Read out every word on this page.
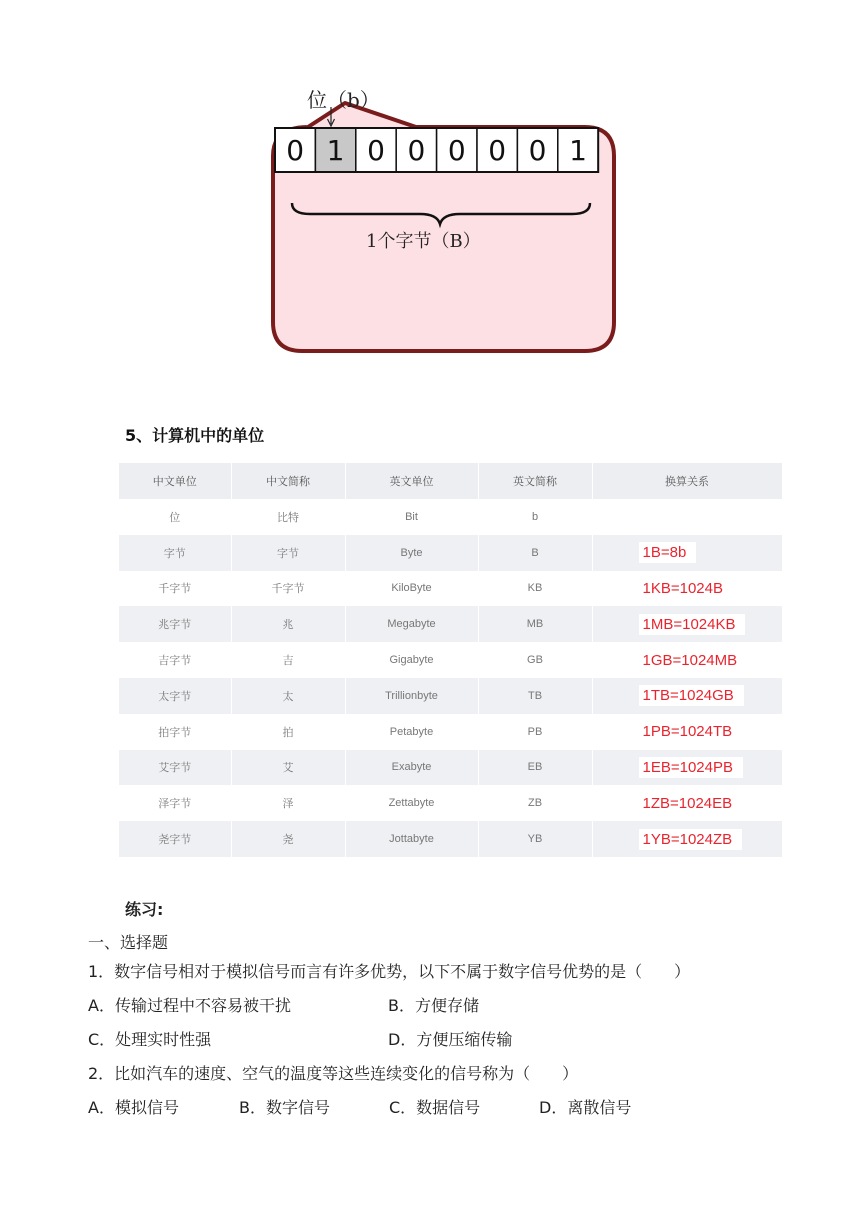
0 1 0 0 0 0 0 1
位（b）
1个字节（B）
5、计算机中的单位
中文单位	中文简称	英文单位	英文简称	换算关系
位	比特	Bit	b	
字节	字节	Byte	B	1B=8b
千字节	千字节	KiloByte	KB	1KB=1024B
兆字节	兆	Megabyte	MB	1MB=1024KB
吉字节	吉	Gigabyte	GB	1GB=1024MB
太字节	太	Trillionbyte	TB	1TB=1024GB
拍字节	拍	Petabyte	PB	1PB=1024TB
艾字节	艾	Exabyte	EB	1EB=1024PB
泽字节	泽	Zettabyte	ZB	1ZB=1024EB
尧字节	尧	Jottabyte	YB	1YB=1024ZB
练习:
一、选择题
1．数字信号相对于模拟信号而言有许多优势，以下不属于数字信号优势的是（　　）
A．传输过程中不容易被干扰	B．方便存储
C．处理实时性强	D．方便压缩传输
2．比如汽车的速度、空气的温度等这些连续变化的信号称为（　　）
A．模拟信号	B．数字信号	C．数据信号	D．离散信号
